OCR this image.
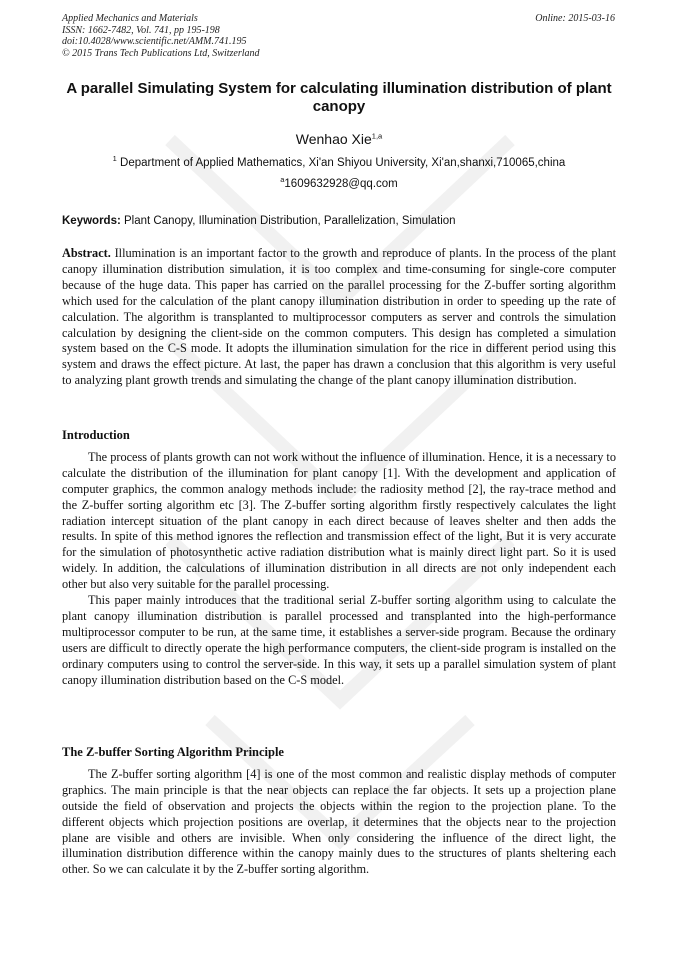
Applied Mechanics and Materials
ISSN: 1662-7482, Vol. 741, pp 195-198
doi:10.4028/www.scientific.net/AMM.741.195
© 2015 Trans Tech Publications Ltd, Switzerland
Online: 2015-03-16
A parallel Simulating System for calculating illumination distribution of plant canopy
Wenhao Xie$^{1,a}$
$^1$ Department of Applied Mathematics, Xi'an Shiyou University, Xi'an,shanxi,710065,china
$^a$1609632928@qq.com
Keywords: Plant Canopy, Illumination Distribution, Parallelization, Simulation
Abstract. Illumination is an important factor to the growth and reproduce of plants. In the process of the plant canopy illumination distribution simulation, it is too complex and time-consuming for single-core computer because of the huge data. This paper has carried on the parallel processing for the Z-buffer sorting algorithm which used for the calculation of the plant canopy illumination distribution in order to speeding up the rate of calculation. The algorithm is transplanted to multiprocessor computers as server and controls the simulation calculation by designing the client-side on the common computers. This design has completed a simulation system based on the C-S mode. It adopts the illumination simulation for the rice in different period using this system and draws the effect picture. At last, the paper has drawn a conclusion that this algorithm is very useful to analyzing plant growth trends and simulating the change of the plant canopy illumination distribution.
Introduction

The process of plants growth can not work without the influence of illumination. Hence, it is a necessary to calculate the distribution of the illumination for plant canopy [1]. With the development and application of computer graphics, the common analogy methods include: the radiosity method [2], the ray-trace method and the Z-buffer sorting algorithm etc [3]. The Z-buffer sorting algorithm firstly respectively calculates the light radiation intercept situation of the plant canopy in each direct because of leaves shelter and then adds the results. In spite of this method ignores the reflection and transmission effect of the light, But it is very accurate for the simulation of photosynthetic active radiation distribution what is mainly direct light part. So it is used widely. In addition, the calculations of illumination distribution in all directs are not only independent each other but also very suitable for the parallel processing.

This paper mainly introduces that the traditional serial Z-buffer sorting algorithm using to calculate the plant canopy illumination distribution is parallel processed and transplanted into the high-performance multiprocessor computer to be run, at the same time, it establishes a server-side program. Because the ordinary users are difficult to directly operate the high performance computers, the client-side program is installed on the ordinary computers using to control the server-side. In this way, it sets up a parallel simulation system of plant canopy illumination distribution based on the C-S model.

The Z-buffer Sorting Algorithm Principle

The Z-buffer sorting algorithm [4] is one of the most common and realistic display methods of computer graphics. The main principle is that the near objects can replace the far objects. It sets up a projection plane outside the field of observation and projects the objects within the region to the projection plane. To the different objects which projection positions are overlap, it determines that the objects near to the projection plane are visible and others are invisible. When only considering the influence of the direct light, the illumination distribution difference within the canopy mainly dues to the structures of plants sheltering each other. So we can calculate it by the Z-buffer sorting algorithm.
